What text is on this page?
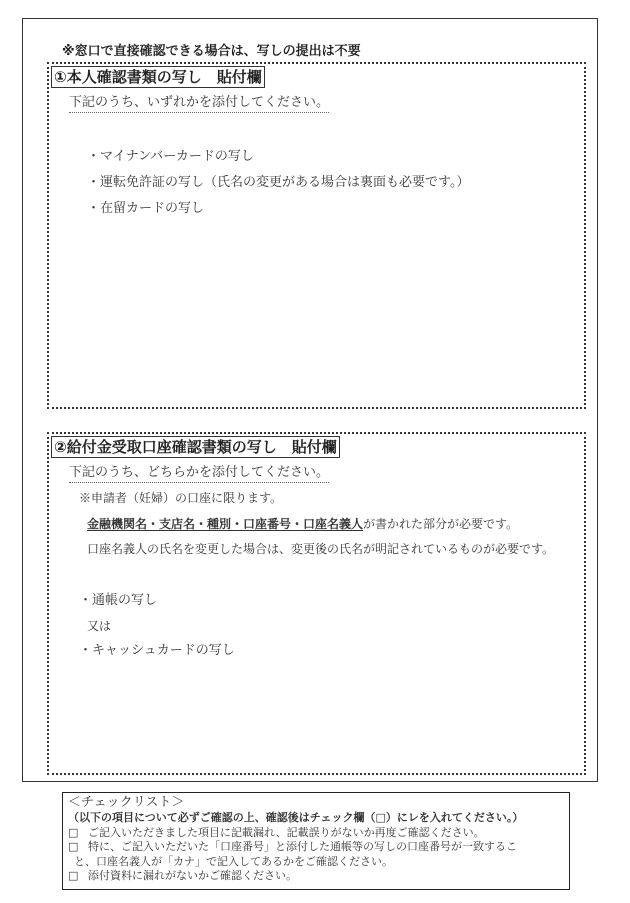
※窓口で直接確認できる場合は、写しの提出は不要
①本人確認書類の写し　貼付欄
下記のうち、いずれかを添付してください。
・マイナンバーカードの写し
・運転免許証の写し（氏名の変更がある場合は裏面も必要です。）
・在留カードの写し
②給付金受取口座確認書類の写し　貼付欄
下記のうち、どちらかを添付してください。
※申請者（妊婦）の口座に限ります。
金融機関名・支店名・種別・口座番号・口座名義人が書かれた部分が必要です。
口座名義人の氏名を変更した場合は、変更後の氏名が明記されているものが必要です。
・通帳の写し
又は
・キャッシュカードの写し
＜チェックリスト＞
（以下の項目について必ずご確認の上、確認後はチェック欄（□）にレを入れてください。）
□ ご記入いただきました項目に記載漏れ、記載誤りがないか再度ご確認ください。
□ 特に、ご記入いただいた「口座番号」と添付した通帳等の写しの口座番号が一致するこ
と、口座名義人が「カナ」で記入してあるかをご確認ください。
□ 添付資料に漏れがないかご確認ください。
